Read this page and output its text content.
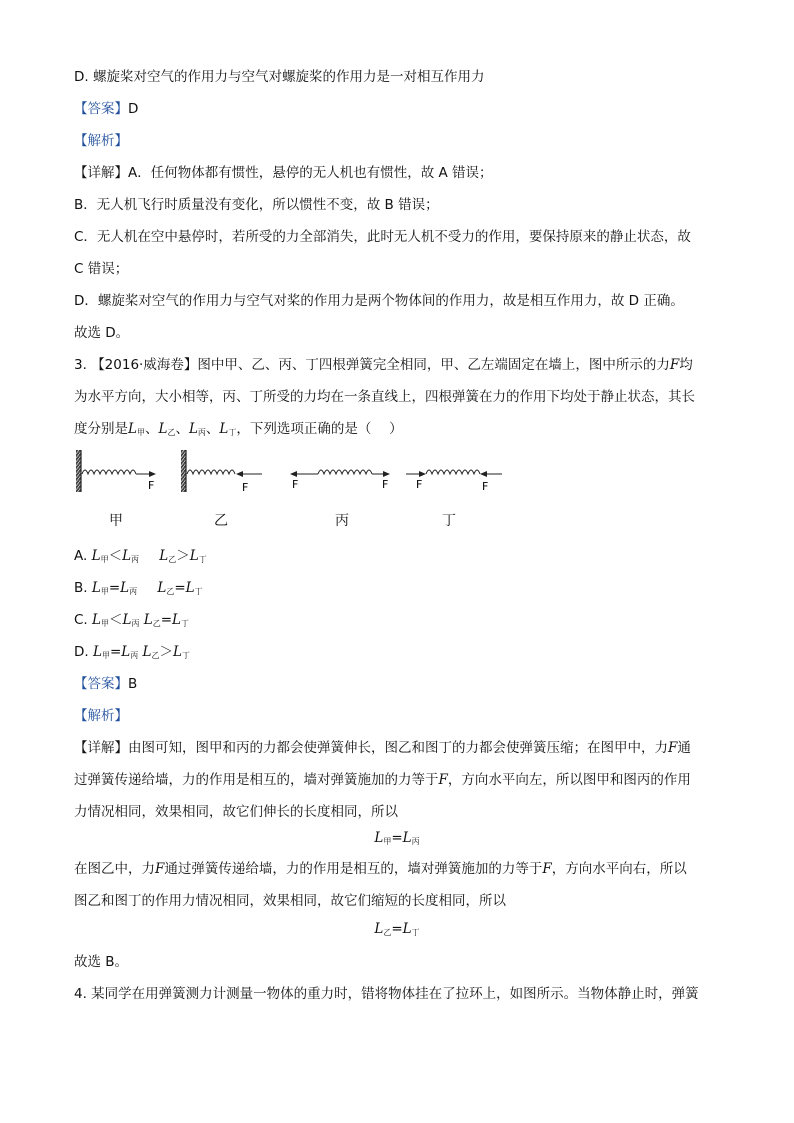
D. 螺旋桨对空气的作用力与空气对螺旋桨的作用力是一对相互作用力
【答案】D
【解析】
【详解】A．任何物体都有惯性，悬停的无人机也有惯性，故 A 错误；
B．无人机飞行时质量没有变化，所以惯性不变，故 B 错误；
C．无人机在空中悬停时，若所受的力全部消失，此时无人机不受力的作用，要保持原来的静止状态，故
C 错误；
D．螺旋桨对空气的作用力与空气对桨的作用力是两个物体间的作用力，故是相互作用力，故 D 正确。
故选 D。
3. 【2016·威海卷】图中甲、乙、丙、丁四根弹簧完全相同，甲、乙左端固定在墙上，图中所示的力F均
为水平方向，大小相等，丙、丁所受的力均在一条直线上，四根弹簧在力的作用下均处于静止状态，其长
度分别是$L_甲$、$L_乙$、$L_丙$、$L_丁$，下列选项正确的是（　 ）
F	F	F	F	F	F
甲	乙	丙	丁
A. $L_甲<L_丙$   $L_乙>L_丁$
B. $L_甲=L_丙$   $L_乙=L_丁$
C. $L_甲<L_丙$ $L_乙=L_丁$
D. $L_甲=L_丙$ $L_乙>L_丁$
【答案】B
【解析】
【详解】由图可知，图甲和丙的力都会使弹簧伸长，图乙和图丁的力都会使弹簧压缩；在图甲中，力F通
过弹簧传递给墙，力的作用是相互的，墙对弹簧施加的力等于F，方向水平向左，所以图甲和图丙的作用
力情况相同，效果相同，故它们伸长的长度相同，所以
$L_甲=L_丙$
在图乙中，力F通过弹簧传递给墙，力的作用是相互的，墙对弹簧施加的力等于F，方向水平向右，所以
图乙和图丁的作用力情况相同，效果相同，故它们缩短的长度相同，所以
$L_乙=L_丁$
故选 B。
4. 某同学在用弹簧测力计测量一物体的重力时，错将物体挂在了拉环上，如图所示。当物体静止时，弹簧
